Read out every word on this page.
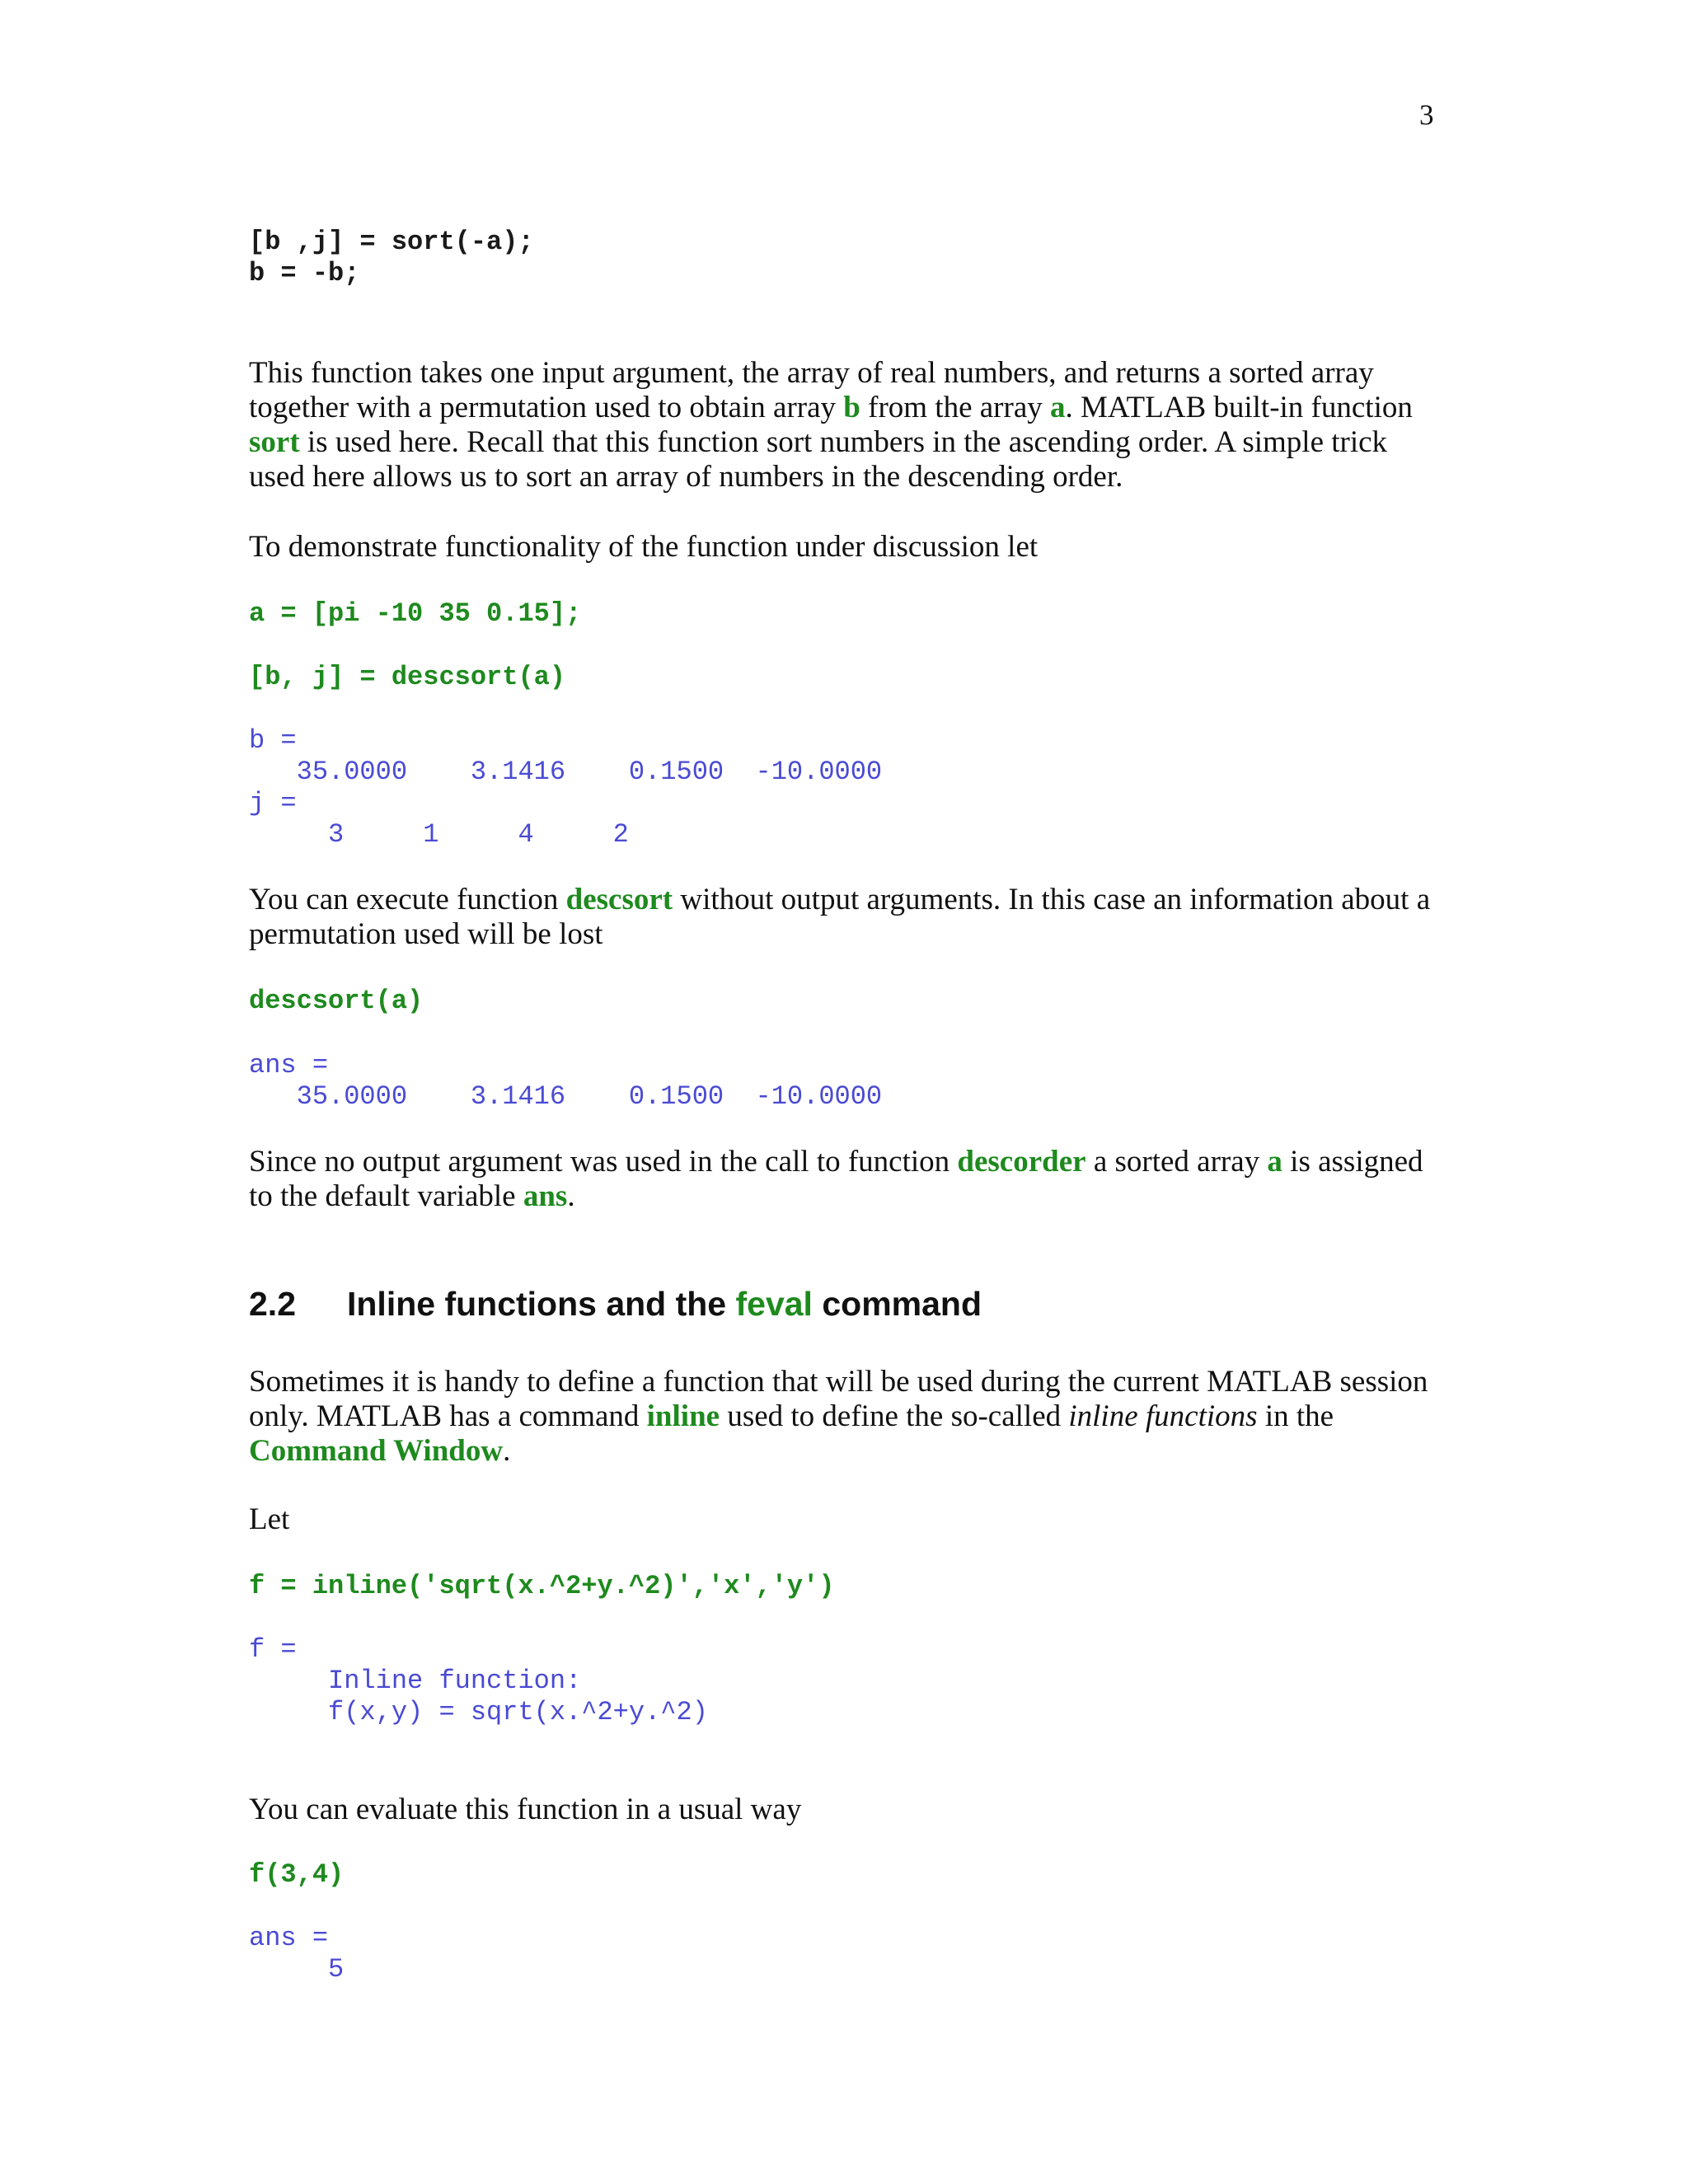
3
[b ,j] = sort(-a);
b = -b;

This function takes one input argument, the array of real numbers, and returns a sorted array together with a permutation used to obtain array b from the array a. MATLAB built-in function sort is used here. Recall that this function sort numbers in the ascending order. A simple trick used here allows us to sort an array of numbers in the descending order.

To demonstrate functionality of the function under discussion let

a = [pi -10 35 0.15];
[b, j] = descsort(a)
b =
35.0000    3.1416    0.1500  -10.0000
j =
3     1     4     2

You can execute function descsort without output arguments. In this case an information about a permutation used will be lost

descsort(a)
ans =
35.0000    3.1416    0.1500  -10.0000

Since no output argument was used in the call to function descorder a sorted array a is assigned to the default variable ans.

2.2 Inline functions and the feval command

Sometimes it is handy to define a function that will be used during the current MATLAB session only. MATLAB has a command inline used to define the so-called inline functions in the Command Window.

Let

f = inline('sqrt(x.^2+y.^2)','x','y')
f =
Inline function:
f(x,y) = sqrt(x.^2+y.^2)

You can evaluate this function in a usual way

f(3,4)
ans =
5
